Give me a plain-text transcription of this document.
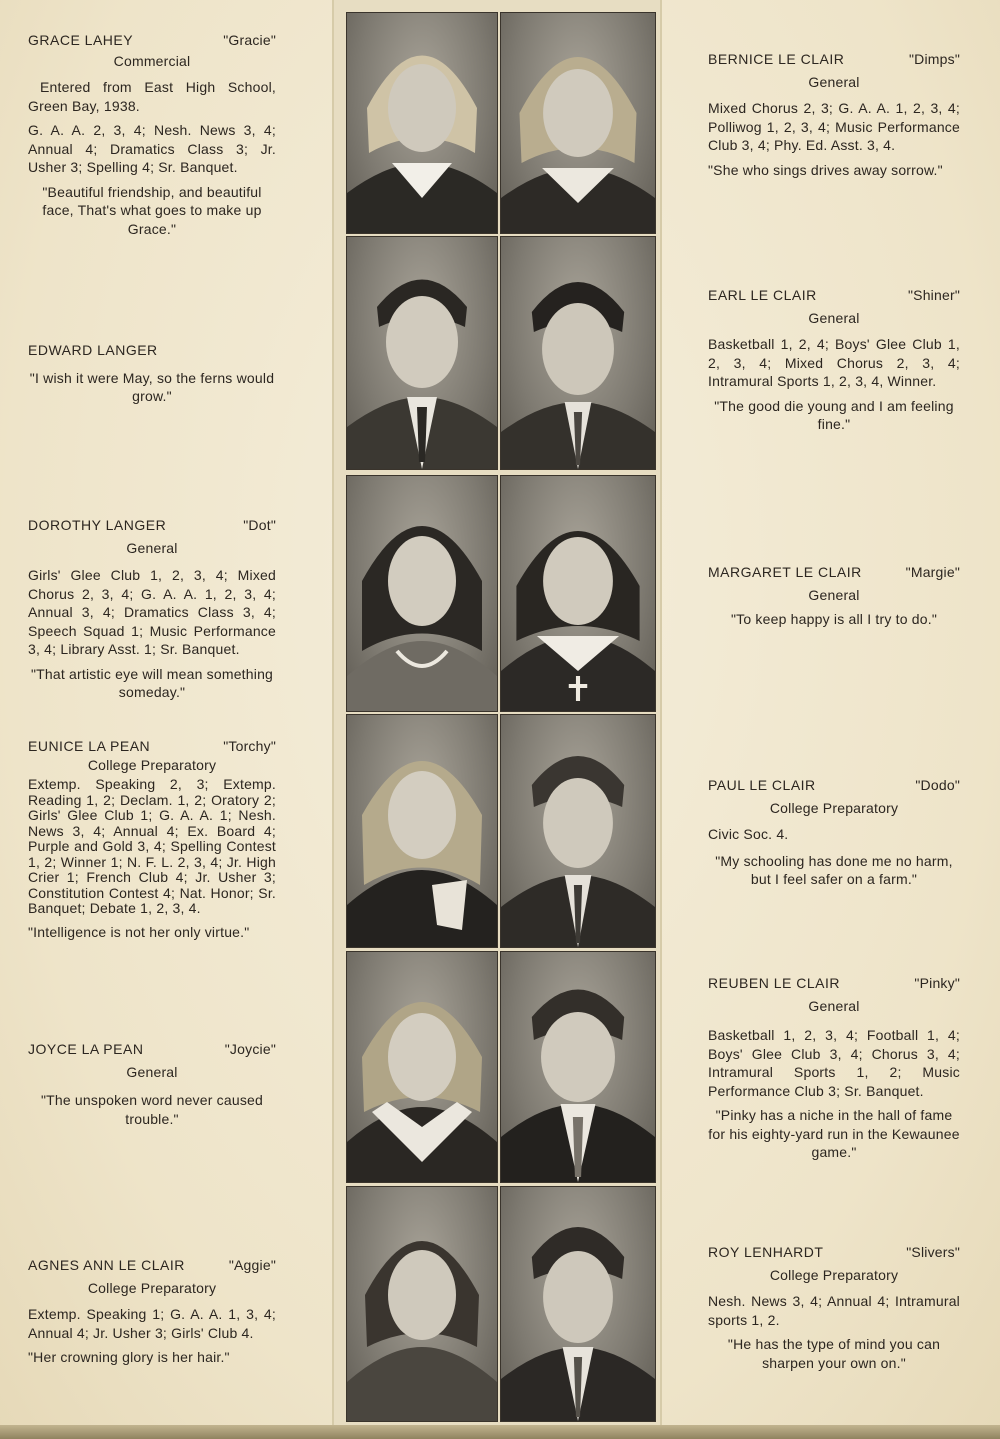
GRACE LAHEY	"Gracie"
Commercial
Entered from East High School, Green Bay, 1938.
G. A. A. 2, 3, 4; Nesh. News 3, 4; Annual 4; Dramatics Class 3; Jr. Usher 3; Spelling 4; Sr. Banquet.
"Beautiful friendship, and beautiful face, That's what goes to make up Grace."
EDWARD LANGER
"I wish it were May, so the ferns would grow."
DOROTHY LANGER	"Dot"
General
Girls' Glee Club 1, 2, 3, 4; Mixed Chorus 2, 3, 4; G. A. A. 1, 2, 3, 4; Annual 3, 4; Dramatics Class 3, 4; Speech Squad 1; Music Performance 3, 4; Library Asst. 1; Sr. Banquet.
"That artistic eye will mean something someday."
EUNICE LA PEAN	"Torchy"
College Preparatory
Extemp. Speaking 2, 3; Extemp. Reading 1, 2; Declam. 1, 2; Oratory 2; Girls' Glee Club 1; G. A. A. 1; Nesh. News 3, 4; Annual 4; Ex. Board 4; Purple and Gold 3, 4; Spelling Contest 1, 2; Winner 1; N. F. L. 2, 3, 4; Jr. High Crier 1; French Club 4; Jr. Usher 3; Constitution Contest 4; Nat. Honor; Sr. Banquet; Debate 1, 2, 3, 4.
"Intelligence is not her only virtue."
JOYCE LA PEAN	"Joycie"
General
"The unspoken word never caused trouble."
AGNES ANN LE CLAIR	"Aggie"
College Preparatory
Extemp. Speaking 1; G. A. A. 1, 3, 4; Annual 4; Jr. Usher 3; Girls' Club 4.
"Her crowning glory is her hair."
BERNICE LE CLAIR	"Dimps"
General
Mixed Chorus 2, 3; G. A. A. 1, 2, 3, 4; Polliwog 1, 2, 3, 4; Music Performance Club 3, 4; Phy. Ed. Asst. 3, 4.
"She who sings drives away sorrow."
EARL LE CLAIR	"Shiner"
General
Basketball 1, 2, 4; Boys' Glee Club 1, 2, 3, 4; Mixed Chorus 2, 3, 4; Intramural Sports 1, 2, 3, 4, Winner.
"The good die young and I am feeling fine."
MARGARET LE CLAIR	"Margie"
General
"To keep happy is all I try to do."
PAUL LE CLAIR	"Dodo"
College Preparatory
Civic Soc. 4.
"My schooling has done me no harm, but I feel safer on a farm."
REUBEN LE CLAIR	"Pinky"
General
Basketball 1, 2, 3, 4; Football 1, 4; Boys' Glee Club 3, 4; Chorus 3, 4; Intramural Sports 1, 2; Music Performance Club 3; Sr. Banquet.
"Pinky has a niche in the hall of fame for his eighty-yard run in the Kewaunee game."
ROY LENHARDT	"Slivers"
College Preparatory
Nesh. News 3, 4; Annual 4; Intramural sports 1, 2.
"He has the type of mind you can sharpen your own on."
